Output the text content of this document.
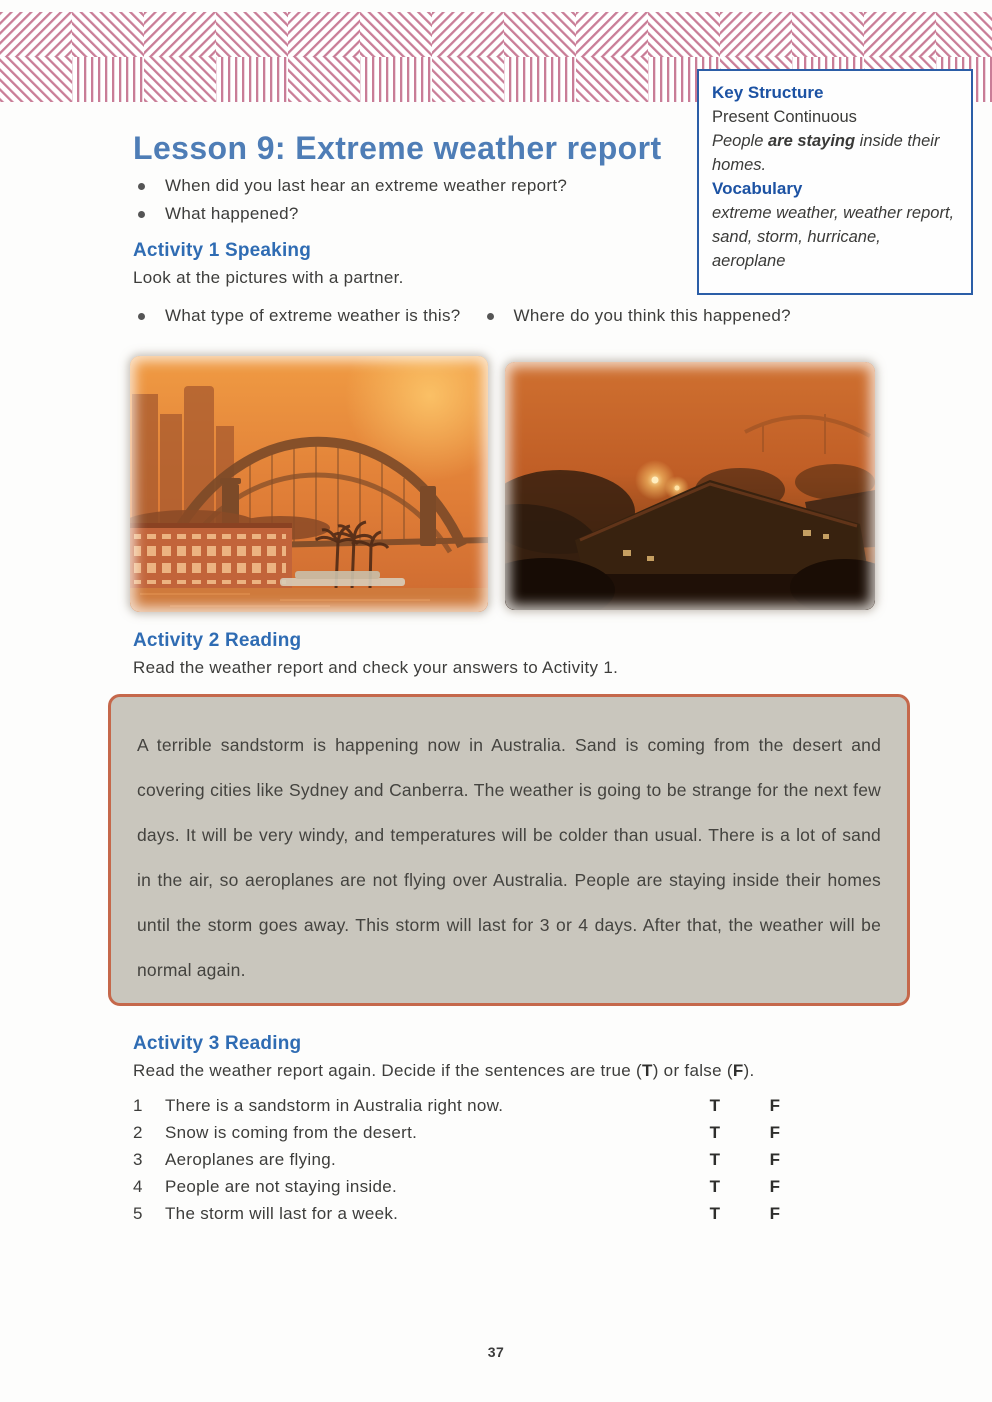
Key Structure
Present Continuous
People are staying inside their homes.
Vocabulary
extreme weather, weather report, sand, storm, hurricane, aeroplane
Lesson 9: Extreme weather report
When did you last hear an extreme weather report?
What happened?
Activity 1 Speaking
Look at the pictures with a partner.
What type of extreme weather is this?	Where do you think this happened?
Activity 2 Reading
Read the weather report and check your answers to Activity 1.
A terrible sandstorm is happening now in Australia. Sand is coming from the desert and covering cities like Sydney and Canberra. The weather is going to be strange for the next few days. It will be very windy, and temperatures will be colder than usual. There is a lot of sand in the air, so aeroplanes are not flying over Australia. People are staying inside their homes until the storm goes away. This storm will last for 3 or 4 days. After that, the weather will be normal again.
Activity 3 Reading
Read the weather report again. Decide if the sentences are true (T) or false (F).
1	There is a sandstorm in Australia right now.	T	F
2	Snow is coming from the desert.	T	F
3	Aeroplanes are flying.	T	F
4	People are not staying inside.	T	F
5	The storm will last for a week.	T	F
37
